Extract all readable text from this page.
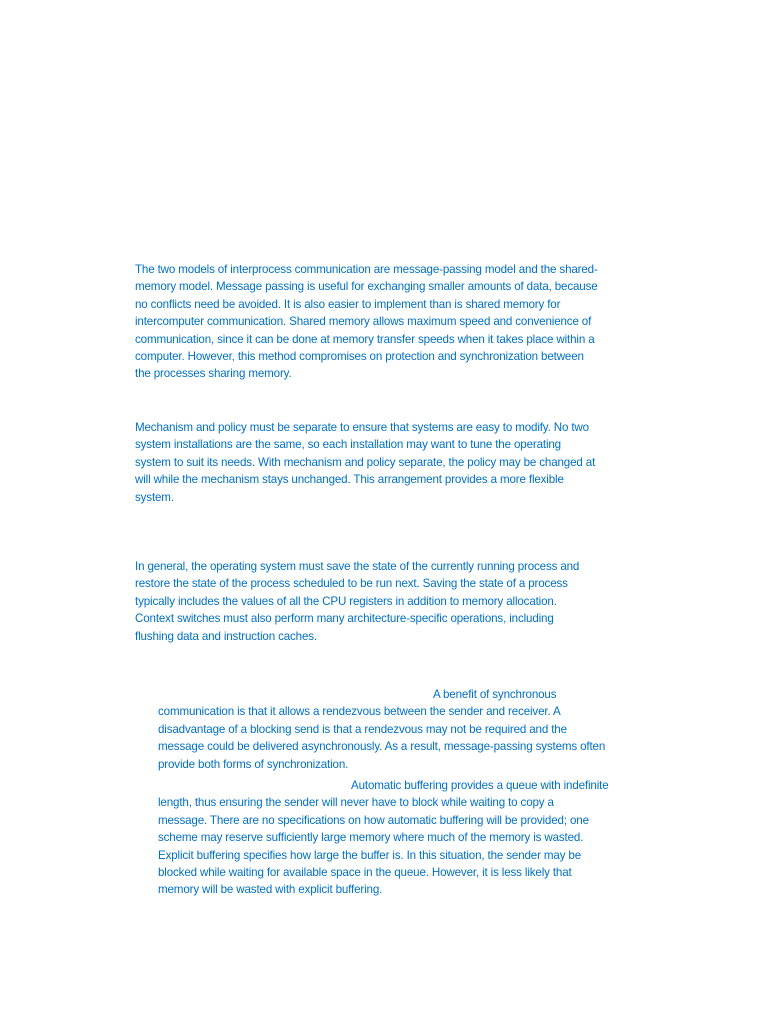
The two models of interprocess communication are message-passing model and the shared-
memory model. Message passing is useful for exchanging smaller amounts of data, because
no conflicts need be avoided. It is also easier to implement than is shared memory for
intercomputer communication. Shared memory allows maximum speed and convenience of
communication, since it can be done at memory transfer speeds when it takes place within a
computer. However, this method compromises on protection and synchronization between
the processes sharing memory.

Mechanism and policy must be separate to ensure that systems are easy to modify. No two
system installations are the same, so each installation may want to tune the operating
system to suit its needs. With mechanism and policy separate, the policy may be changed at
will while the mechanism stays unchanged. This arrangement provides a more flexible
system.

In general, the operating system must save the state of the currently running process and
restore the state of the process scheduled to be run next. Saving the state of a process
typically includes the values of all the CPU registers in addition to memory allocation.
Context switches must also perform many architecture-specific operations, including
flushing data and instruction caches.

A benefit of synchronous
communication is that it allows a rendezvous between the sender and receiver. A
disadvantage of a blocking send is that a rendezvous may not be required and the
message could be delivered asynchronously. As a result, message-passing systems often
provide both forms of synchronization.

Automatic buffering provides a queue with indefinite
length, thus ensuring the sender will never have to block while waiting to copy a
message. There are no specifications on how automatic buffering will be provided; one
scheme may reserve sufficiently large memory where much of the memory is wasted.
Explicit buffering specifies how large the buffer is. In this situation, the sender may be
blocked while waiting for available space in the queue. However, it is less likely that
memory will be wasted with explicit buffering.
